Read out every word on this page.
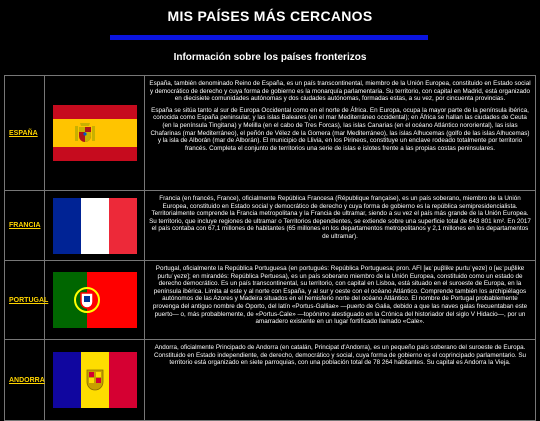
MIS PAÍSES MÁS CERCANOS
Información sobre los países fronterizos
ESPAÑA

España, también denominado Reino de España, es un país transcontinental, miembro de la Unión Europea, constituido en Estado social y democrático de derecho y cuya forma de gobierno es la monarquía parlamentaria. Su territorio, con capital en Madrid, está organizado en diecisiete comunidades autónomas y dos ciudades autónomas, formadas estas, a su vez, por cincuenta provincias.

España se sitúa tanto al sur de Europa Occidental como en el norte de África. En Europa, ocupa la mayor parte de la península ibérica, conocida como España peninsular, y las islas Baleares (en el mar Mediterráneo occidental); en África se hallan las ciudades de Ceuta (en la península Tingitana) y Melilla (en el cabo de Tres Forcas), las islas Canarias (en el océano Atlántico nororiental), las islas Chafarinas (mar Mediterráneo), el peñón de Vélez de la Gomera (mar Mediterráneo), las islas Alhucemas (golfo de las islas Alhucemas) y la isla de Alborán (mar de Alborán). El municipio de Llivia, en los Pirineos, constituye un enclave rodeado totalmente por territorio francés. Completa el conjunto de territorios una serie de islas e islotes frente a las propias costas peninsulares.

FRANCIA

Francia (en francés, France), oficialmente República Francesa (République française), es un país soberano, miembro de la Unión Europea, constituido en Estado social y democrático de derecho y cuya forma de gobierno es la república semipresidencialista. Territorialmente comprende la Francia metropolitana y la Francia de ultramar, siendo a su vez el país más grande de la Unión Europea. Su territorio, que incluye regiones de ultramar o Territorios dependientes, se extiende sobre una superficie total de 643 801 km². En 2017 el país contaba con 67,1 millones de habitantes (65 millones en los departamentos metropolitanos y 2,1 millones en los departamentos de ultramar).

PORTUGAL

Portugal, oficialmente la República Portuguesa (en portugués: República Portuguesa; pron. AFI [ʁɛˈpuβlikɐ puɾtuˈɣezɐ] o [ʁɛˈpuβlikɐ puɾtuˈɣezɐ]; en mirandés: República Pertuesa), es un país soberano miembro de la Unión Europea, constituido como un estado de derecho democrático. Es un país transcontinental, su territorio, con capital en Lisboa, está situado en el suroeste de Europa, en la península ibérica. Limita al este y al norte con España, y al sur y oeste con el océano Atlántico. Comprende también los archipiélagos autónomos de las Azores y Madeira situados en el hemisferio norte del océano Atlántico. El nombre de Portugal probablemente provenga del antiguo nombre de Oporto, del latín «Portus-Galliae» —puerto de Galia, debido a que las naves galas frecuentaban este puerto— o, más probablemente, de «Portus-Cale» —topónimo atestiguado en la Crónica del historiador del siglo V Hidacio—, por un amarradero existente en un lugar fortificado llamado «Cale».

ANDORRA

Andorra, oficialmente Principado de Andorra (en catalán, Principat d'Andorra), es un pequeño país soberano del suroeste de Europa. Constituido en Estado independiente, de derecho, democrático y social, cuya forma de gobierno es el coprincipado parlamentario. Su territorio está organizado en siete parroquias, con una población total de 78 264 habitantes. Su capital es Andorra la Vieja.
